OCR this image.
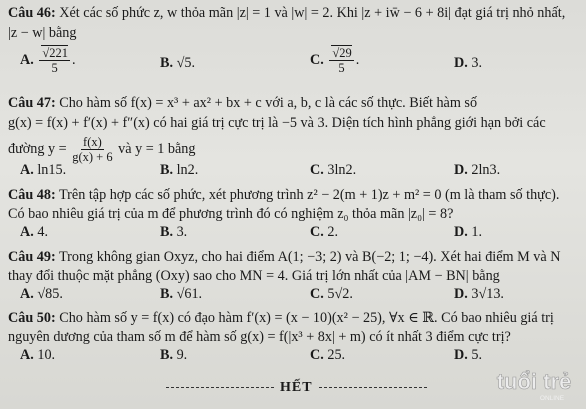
Câu 46: Xét các số phức z, w thỏa mãn |z| = 1 và |w| = 2. Khi |z + iw̄ − 6 + 8i| đạt giá trị nhỏ nhất,
|z − w| bằng
A. $\frac{√221}{5}$ .	B. √5.	C. $\frac{√29}{5}$ .	D. 3.
Câu 47: Cho hàm số f(x) = x³ + ax² + bx + c với a, b, c là các số thực. Biết hàm số
g(x) = f(x) + f′(x) + f″(x) có hai giá trị cực trị là −5 và 3. Diện tích hình phẳng giới hạn bởi các
đường $y = \frac{f(x)}{g(x) + 6}$ và y = 1 bằng
A. ln15.	B. ln2.	C. 3ln2.	D. 2ln3.
Câu 48: Trên tập hợp các số phức, xét phương trình z² − 2(m + 1)z + m² = 0 (m là tham số thực).
Có bao nhiêu giá trị của m để phương trình đó có nghiệm z₀ thỏa mãn |z₀| = 8?
A. 4.	B. 3.	C. 2.	D. 1.
Câu 49: Trong không gian Oxyz, cho hai điểm A(1; −3; 2) và B(−2; 1; −4). Xét hai điểm M và N
thay đổi thuộc mặt phẳng (Oxy) sao cho MN = 4. Giá trị lớn nhất của |AM − BN| bằng
A. √85.	B. √61.	C. 5√2.	D. 3√13.
Câu 50: Cho hàm số y = f(x) có đạo hàm f′(x) = (x − 10)(x² − 25), ∀x ∈ ℝ. Có bao nhiêu giá trị
nguyên dương của tham số m để hàm số g(x) = f(|x³ + 8x| + m) có ít nhất 3 điểm cực trị?
A. 10.	B. 9.	C. 25.	D. 5.
HẾT	tuổi trẻ
ONLINE
